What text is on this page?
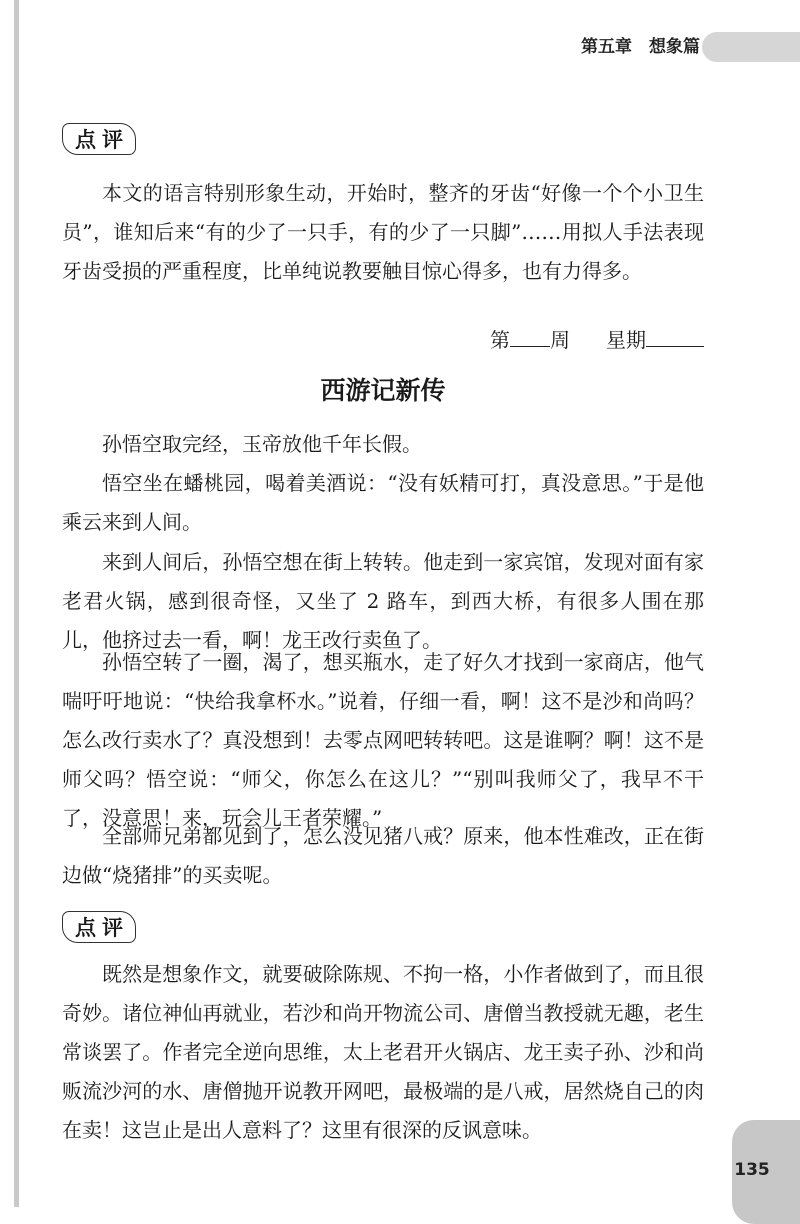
第五章　想象篇
点评

本文的语言特别形象生动，开始时，整齐的牙齿“好像一个个小卫生员”，谁知后来“有的少了一只手，有的少了一只脚”……用拟人手法表现牙齿受损的严重程度，比单纯说教要触目惊心得多，也有力得多。

第 周 星期
西游记新传

孙悟空取完经，玉帝放他千年长假。

悟空坐在蟠桃园，喝着美酒说：“没有妖精可打，真没意思。”于是他乘云来到人间。

来到人间后，孙悟空想在街上转转。他走到一家宾馆，发现对面有家老君火锅，感到很奇怪，又坐了 2 路车，到西大桥，有很多人围在那儿，他挤过去一看，啊！龙王改行卖鱼了。

孙悟空转了一圈，渴了，想买瓶水，走了好久才找到一家商店，他气喘吁吁地说：“快给我拿杯水。”说着，仔细一看，啊！这不是沙和尚吗？怎么改行卖水了？真没想到！去零点网吧转转吧。这是谁啊？啊！这不是师父吗？悟空说：“师父，你怎么在这儿？”“别叫我师父了，我早不干了，没意思！来，玩会儿王者荣耀。”

全部师兄弟都见到了，怎么没见猪八戒？原来，他本性难改，正在街边做“烧猪排”的买卖呢。

点评

既然是想象作文，就要破除陈规、不拘一格，小作者做到了，而且很奇妙。诸位神仙再就业，若沙和尚开物流公司、唐僧当教授就无趣，老生常谈罢了。作者完全逆向思维，太上老君开火锅店、龙王卖子孙、沙和尚贩流沙河的水、唐僧抛开说教开网吧，最极端的是八戒，居然烧自己的肉在卖！这岂止是出人意料了？这里有很深的反讽意味。

135
